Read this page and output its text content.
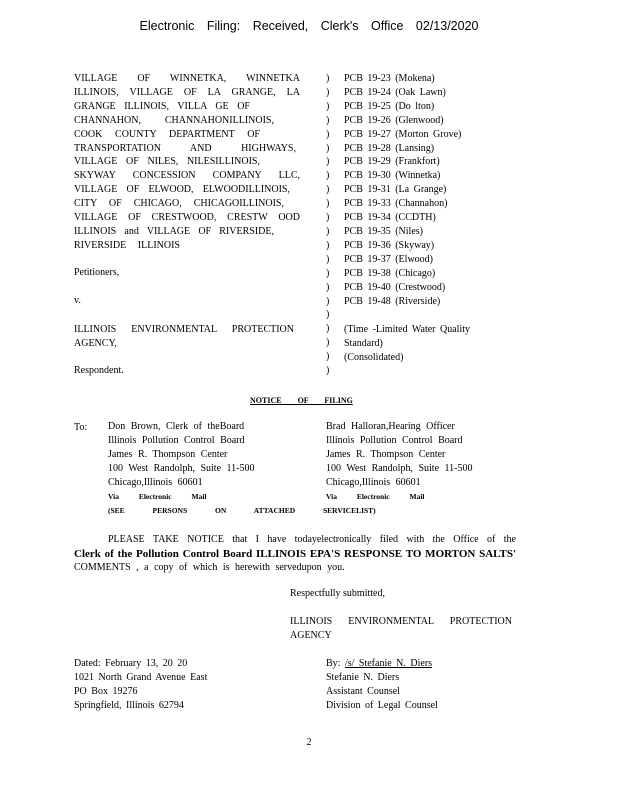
Electronic Filing: Received, Clerk's Office 02/13/2020
VILLAGE OF WINNETKA, WINNETKA
ILLINOIS, VILLAGE OF LA GRANGE, LA
GRANGE ILLINOIS, VILLA GE OF
CHANNAHON, CHANNAHONILLINOIS,
COOK COUNTY DEPARTMENT OF
TRANSPORTATION AND HIGHWAYS,
VILLAGE OF NILES, NILESILLINOIS,
SKYWAY CONCESSION COMPANY LLC,
VILLAGE OF ELWOOD, ELWOODILLINOIS,
CITY OF CHICAGO, CHICAGOILLINOIS,
VILLAGE OF CRESTWOOD, CRESTW OOD
ILLINOIS and VILLAGE OF RIVERSIDE,
RIVERSIDE ILLINOIS
Petitioners,
v.
ILLINOIS ENVIRONMENTAL PROTECTION
AGENCY,
Respondent.
)
)
)
)
)
)
)
)
)
)
)
)
)
)
)
)
)
)
)
)
)
)
PCB 19-23 (Mokena)
PCB 19-24 (Oak Lawn)
PCB 19-25 (Do lton)
PCB 19-26 (Glenwood)
PCB 19-27 (Morton Grove)
PCB 19-28 (Lansing)
PCB 19-29 (Frankfort)
PCB 19-30 (Winnetka)
PCB 19-31 (La Grange)
PCB 19-33 (Channahon)
PCB 19-34 (CCDTH)
PCB 19-35 (Niles)
PCB 19-36 (Skyway)
PCB 19-37 (Elwood)
PCB 19-38 (Chicago)
PCB 19-40 (Crestwood)
PCB 19-48 (Riverside)
(Time -Limited Water Quality
Standard)
(Consolidated)
NOTICE OF FILING
To: Don Brown, Clerk of theBoard
Illinois Pollution Control Board
James R. Thompson Center
100 West Randolph, Suite 11-500
Chicago,Illinois 60601
Via Electronic Mail
Brad Halloran,Hearing Officer
Illinois Pollution Control Board
James R. Thompson Center
100 West Randolph, Suite 11-500
Chicago,Illinois 60601
Via Electronic Mail
(SEE PERSONS ON ATTACHED SERVICELIST)
PLEASE TAKE NOTICE that I have todayelectronically filed with the Office of the
Clerk of the Pollution Control Board ILLINOIS EPA'S RESPONSE TO MORTON SALTS'
COMMENTS , a copy of which is herewith servedupon you.
Respectfully submitted,
ILLINOIS ENVIRONMENTAL PROTECTION
AGENCY
Dated: February 13, 20 20
1021 North Grand Avenue East
PO Box 19276
Springfield, Illinois 62794
By: /s/ Stefanie N. Diers
Stefanie N. Diers
Assistant Counsel
Division of Legal Counsel
2
